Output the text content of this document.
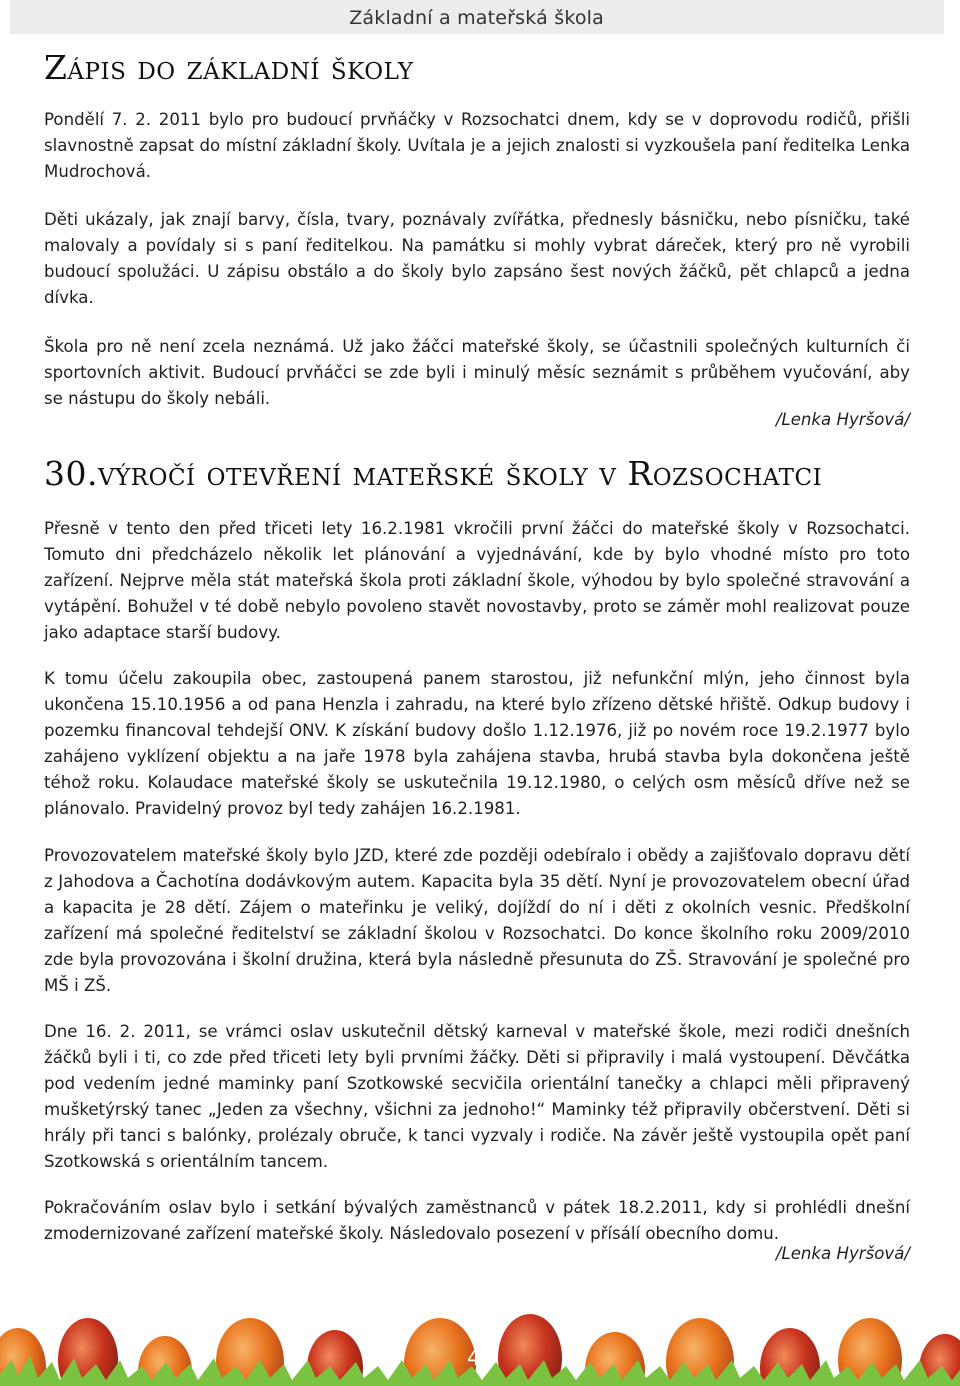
Základní a mateřská škola
Zápis do základní školy

Pondělí 7. 2. 2011 bylo pro budoucí prvňáčky v Rozsochatci dnem, kdy se v doprovodu rodičů, přišli slavnostně zapsat do místní základní školy. Uvítala je a jejich znalosti si vyzkoušela paní ředitelka Lenka Mudrochová.

Děti ukázaly, jak znají barvy, čísla, tvary, poznávaly zvířátka, přednesly básničku, nebo písničku, také malovaly a povídaly si s paní ředitelkou. Na památku si mohly vybrat dáreček, který pro ně vyrobili budoucí spolužáci. U zápisu obstálo a do školy bylo zapsáno šest nových žáčků, pět chlapců a jedna dívka.

Škola pro ně není zcela neznámá. Už jako žáčci mateřské školy, se účastnili společných kulturních či sportovních aktivit. Budoucí prvňáčci se zde byli i minulý měsíc seznámit s průběhem vyučování, aby se nástupu do školy nebáli.

/Lenka Hyršová/

30.výročí otevření mateřské školy v Rozsochatci

Přesně v tento den před třiceti lety 16.2.1981 vkročili první žáčci do mateřské školy v Rozsochatci. Tomuto dni předcházelo několik let plánování a vyjednávání, kde by bylo vhodné místo pro toto zařízení. Nejprve měla stát mateřská škola proti základní škole, výhodou by bylo společné stravování a vytápění. Bohužel v té době nebylo povoleno stavět novostavby, proto se záměr mohl realizovat pouze jako adaptace starší budovy.

K tomu účelu zakoupila obec, zastoupená panem starostou, již nefunkční mlýn, jeho činnost byla ukončena 15.10.1956 a od pana Henzla i zahradu, na které bylo zřízeno dětské hřiště. Odkup budovy i pozemku financoval tehdejší ONV. K získání budovy došlo 1.12.1976, již po novém roce 19.2.1977 bylo zahájeno vyklízení objektu a na jaře 1978 byla zahájena stavba, hrubá stavba byla dokončena ještě téhož roku. Kolaudace mateřské školy se uskutečnila 19.12.1980, o celých osm měsíců dříve než se plánovalo. Pravidelný provoz byl tedy zahájen 16.2.1981.

Provozovatelem mateřské školy bylo JZD, které zde později odebíralo i obědy a zajišťovalo dopravu dětí z Jahodova a Čachotína dodávkovým autem. Kapacita byla 35 dětí. Nyní je provozovatelem obecní úřad a kapacita je 28 dětí. Zájem o mateřinku je veliký, dojíždí do ní i děti z okolních vesnic. Předškolní zařízení má společné ředitelství se základní školou v Rozsochatci. Do konce školního roku 2009/2010 zde byla provozována i školní družina, která byla následně přesunuta do ZŠ. Stravování je společné pro MŠ i ZŠ.

Dne 16. 2. 2011, se vrámci oslav uskutečnil dětský karneval v mateřské škole, mezi rodiči dnešních žáčků byli i ti, co zde před třiceti lety byli prvními žáčky. Děti si připravily i malá vystoupení. Děvčátka pod vedením jedné maminky paní Szotkowské secvičila orientální tanečky a chlapci měli připravený mušketýrský tanec „Jeden za všechny, všichni za jednoho!“ Maminky též připravily občerstvení. Děti si hrály při tanci s balónky, prolézaly obruče, k tanci vyzvaly i rodiče. Na závěr ještě vystoupila opět paní Szotkowská s orientálním tancem.

Pokračováním oslav bylo i setkání bývalých zaměstnanců v pátek 18.2.2011, kdy si prohlédli dnešní zmodernizované zařízení mateřské školy. Následovalo posezení v přísálí obecního domu.

/Lenka Hyršová/

4
